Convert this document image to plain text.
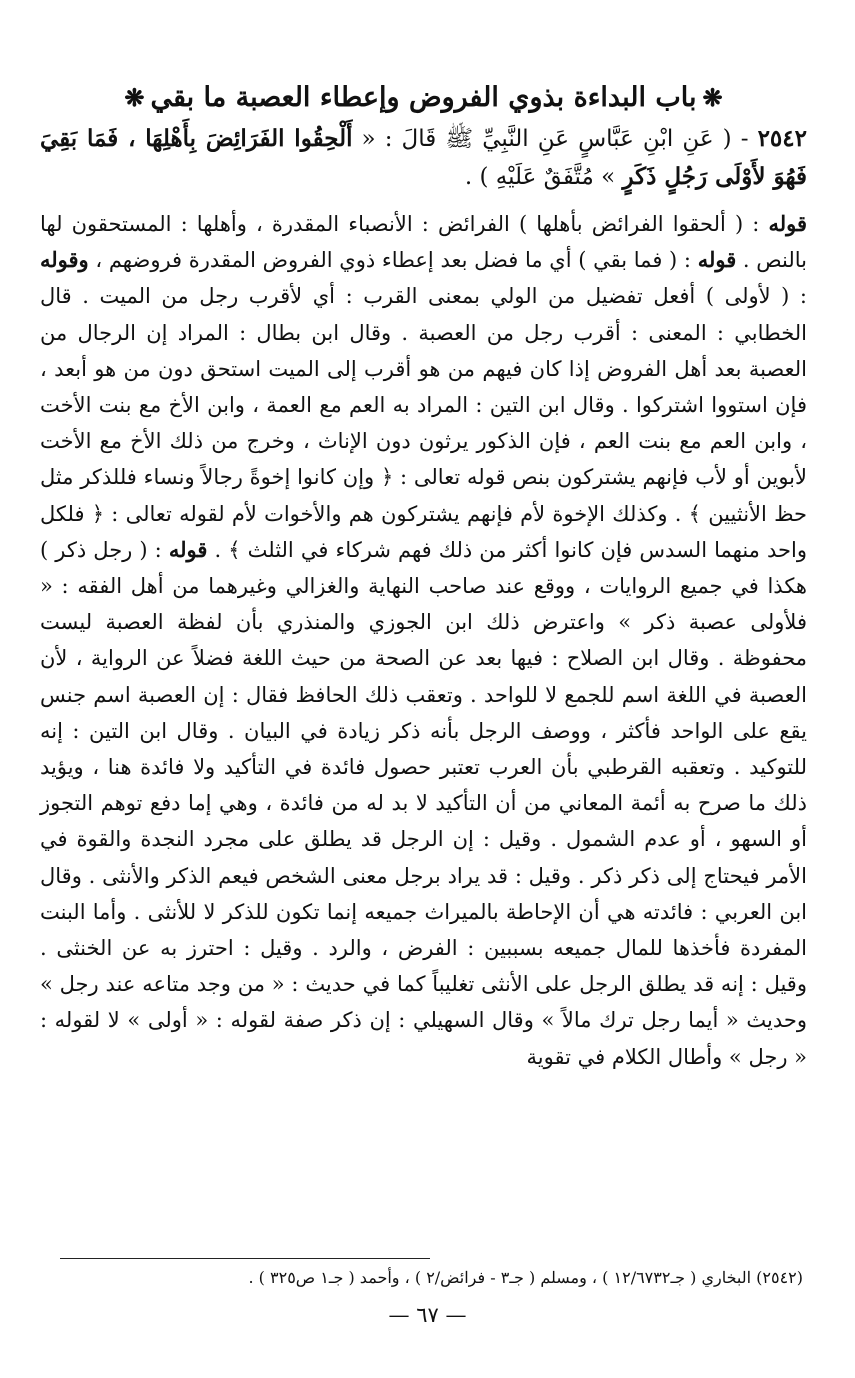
❋باب البداءة بذوي الفروض وإعطاء العصبة ما بقي❋

٢٥٤٢ - ( عَنِ ابْنِ عَبَّاسٍ عَنِ النَّبِيِّ ﷺ قَالَ : « أَلْحِقُوا الفَرَائِضَ بِأَهْلِهَا ، فَمَا بَقِيَ فَهُوَ لأَوْلَى رَجُلٍ ذَكَرٍ » مُتَّفَقٌ عَلَيْهِ ) .

قوله : ( ألحقوا الفرائض بأهلها ) الفرائض : الأنصباء المقدرة ، وأهلها : المستحقون لها بالنص . قوله : ( فما بقي ) أي ما فضل بعد إعطاء ذوي الفروض المقدرة فروضهم ، وقوله : ( لأولى ) أفعل تفضيل من الولي بمعنى القرب : أي لأقرب رجل من الميت . قال الخطابي : المعنى : أقرب رجل من العصبة . وقال ابن بطال : المراد إن الرجال من العصبة بعد أهل الفروض إذا كان فيهم من هو أقرب إلى الميت استحق دون من هو أبعد ، فإن استووا اشتركوا . وقال ابن التين : المراد به العم مع العمة ، وابن الأخ مع بنت الأخت ، وابن العم مع بنت العم ، فإن الذكور يرثون دون الإناث ، وخرج من ذلك الأخ مع الأخت لأبوين أو لأب فإنهم يشتركون بنص قوله تعالى : ﴿ وإن كانوا إخوةً رجالاً ونساء فللذكر مثل حظ الأنثيين ﴾ . وكذلك الإخوة لأم فإنهم يشتركون هم والأخوات لأم لقوله تعالى : ﴿ فلكل واحد منهما السدس فإن كانوا أكثر من ذلك فهم شركاء في الثلث ﴾ . قوله : ( رجل ذكر ) هكذا في جميع الروايات ، ووقع عند صاحب النهاية والغزالي وغيرهما من أهل الفقه : « فلأولى عصبة ذكر » واعترض ذلك ابن الجوزي والمنذري بأن لفظة العصبة ليست محفوظة . وقال ابن الصلاح : فيها بعد عن الصحة من حيث اللغة فضلاً عن الرواية ، لأن العصبة في اللغة اسم للجمع لا للواحد . وتعقب ذلك الحافظ فقال : إن العصبة اسم جنس يقع على الواحد فأكثر ، ووصف الرجل بأنه ذكر زيادة في البيان . وقال ابن التين : إنه للتوكيد . وتعقبه القرطبي بأن العرب تعتبر حصول فائدة في التأكيد ولا فائدة هنا ، ويؤيد ذلك ما صرح به أئمة المعاني من أن التأكيد لا بد له من فائدة ، وهي إما دفع توهم التجوز أو السهو ، أو عدم الشمول . وقيل : إن الرجل قد يطلق على مجرد النجدة والقوة في الأمر فيحتاج إلى ذكر ذكر . وقيل : قد يراد برجل معنى الشخص فيعم الذكر والأنثى . وقال ابن العربي : فائدته هي أن الإحاطة بالميراث جميعه إنما تكون للذكر لا للأنثى . وأما البنت المفردة فأخذها للمال جميعه بسببين : الفرض ، والرد . وقيل : احترز به عن الخنثى . وقيل : إنه قد يطلق الرجل على الأنثى تغليباً كما في حديث : « من وجد متاعه عند رجل » وحديث « أيما رجل ترك مالاً » وقال السهيلي : إن ذكر صفة لقوله : « أولى » لا لقوله : « رجل » وأطال الكلام في تقوية

(٢٥٤٢) البخاري ( جـ١٢/٦٧٣٢ ) ، ومسلم ( جـ٣ - فرائض/٢ ) ، وأحمد ( جـ١ ص٣٢٥ ) .
— ٦٧ —
